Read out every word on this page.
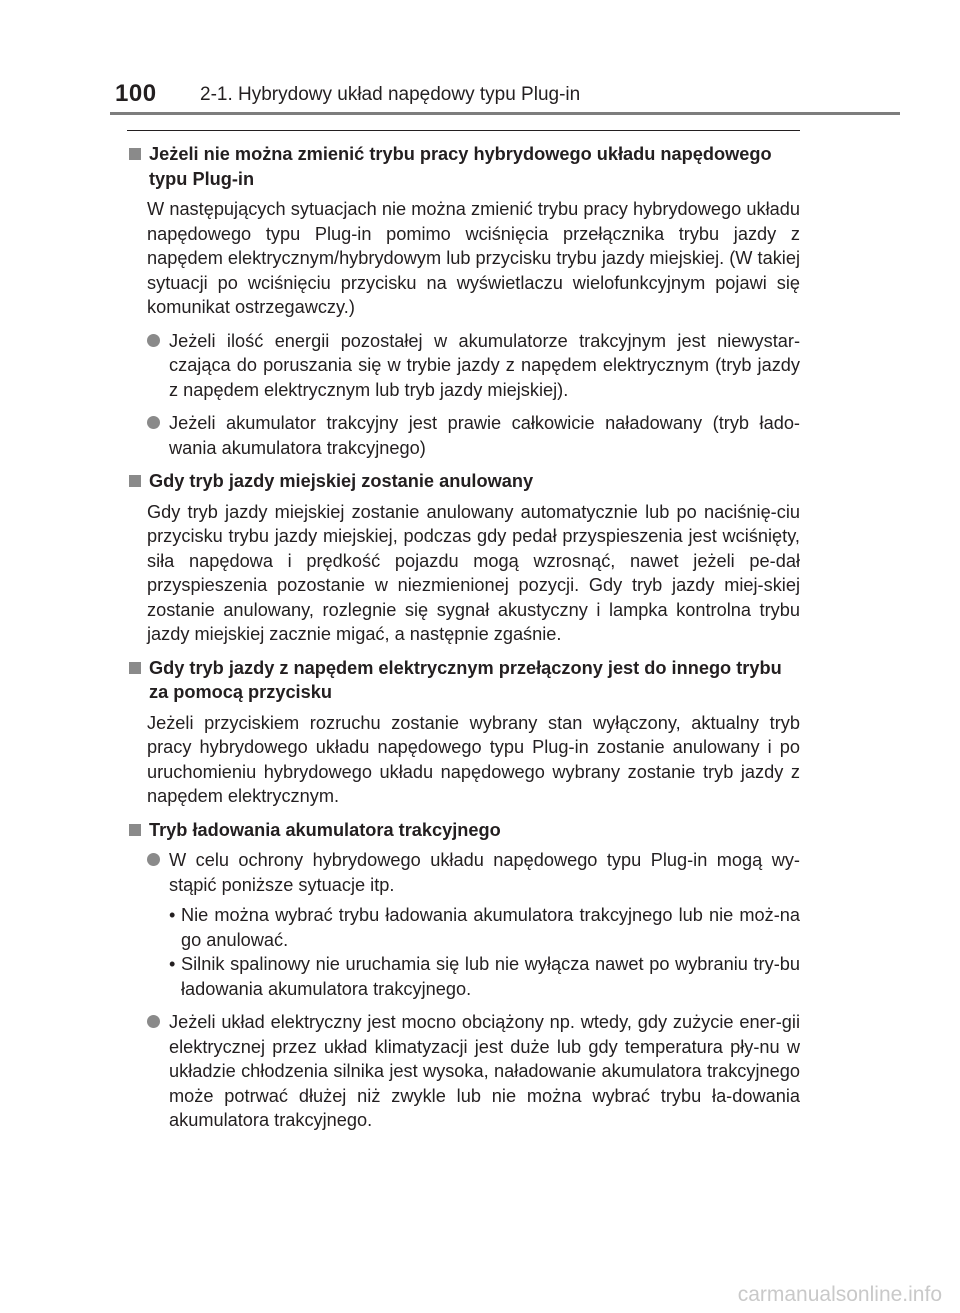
100 2-1. Hybrydowy układ napędowy typu Plug-in
Jeżeli nie można zmienić trybu pracy hybrydowego układu napędowego typu Plug-in

W następujących sytuacjach nie można zmienić trybu pracy hybrydowego układu napędowego typu Plug-in pomimo wciśnięcia przełącznika trybu jazdy z napędem elektrycznym/hybrydowym lub przycisku trybu jazdy miejskiej. (W takiej sytuacji po wciśnięciu przycisku na wyświetlaczu wielofunkcyjnym pojawi się komunikat ostrzegawczy.)

Jeżeli ilość energii pozostałej w akumulatorze trakcyjnym jest niewystar-czająca do poruszania się w trybie jazdy z napędem elektrycznym (tryb jazdy z napędem elektrycznym lub tryb jazdy miejskiej).
Jeżeli akumulator trakcyjny jest prawie całkowicie naładowany (tryb łado-wania akumulatora trakcyjnego)
Gdy tryb jazdy miejskiej zostanie anulowany

Gdy tryb jazdy miejskiej zostanie anulowany automatycznie lub po naciśnię-ciu przycisku trybu jazdy miejskiej, podczas gdy pedał przyspieszenia jest wciśnięty, siła napędowa i prędkość pojazdu mogą wzrosnąć, nawet jeżeli pe-dał przyspieszenia pozostanie w niezmienionej pozycji. Gdy tryb jazdy miej-skiej zostanie anulowany, rozlegnie się sygnał akustyczny i lampka kontrolna trybu jazdy miejskiej zacznie migać, a następnie zgaśnie.

Gdy tryb jazdy z napędem elektrycznym przełączony jest do innego trybu za pomocą przycisku

Jeżeli przyciskiem rozruchu zostanie wybrany stan wyłączony, aktualny tryb pracy hybrydowego układu napędowego typu Plug-in zostanie anulowany i po uruchomieniu hybrydowego układu napędowego wybrany zostanie tryb jazdy z napędem elektrycznym.

Tryb ładowania akumulatora trakcyjnego
W celu ochrony hybrydowego układu napędowego typu Plug-in mogą wy-stąpić poniższe sytuacje itp.
• Nie można wybrać trybu ładowania akumulatora trakcyjnego lub nie moż-na go anulować.
• Silnik spalinowy nie uruchamia się lub nie wyłącza nawet po wybraniu try-bu ładowania akumulatora trakcyjnego.
Jeżeli układ elektryczny jest mocno obciążony np. wtedy, gdy zużycie ener-gii elektrycznej przez układ klimatyzacji jest duże lub gdy temperatura pły-nu w układzie chłodzenia silnika jest wysoka, naładowanie akumulatora trakcyjnego może potrwać dłużej niż zwykle lub nie można wybrać trybu ła-dowania akumulatora trakcyjnego.
carmanualsonline.info
